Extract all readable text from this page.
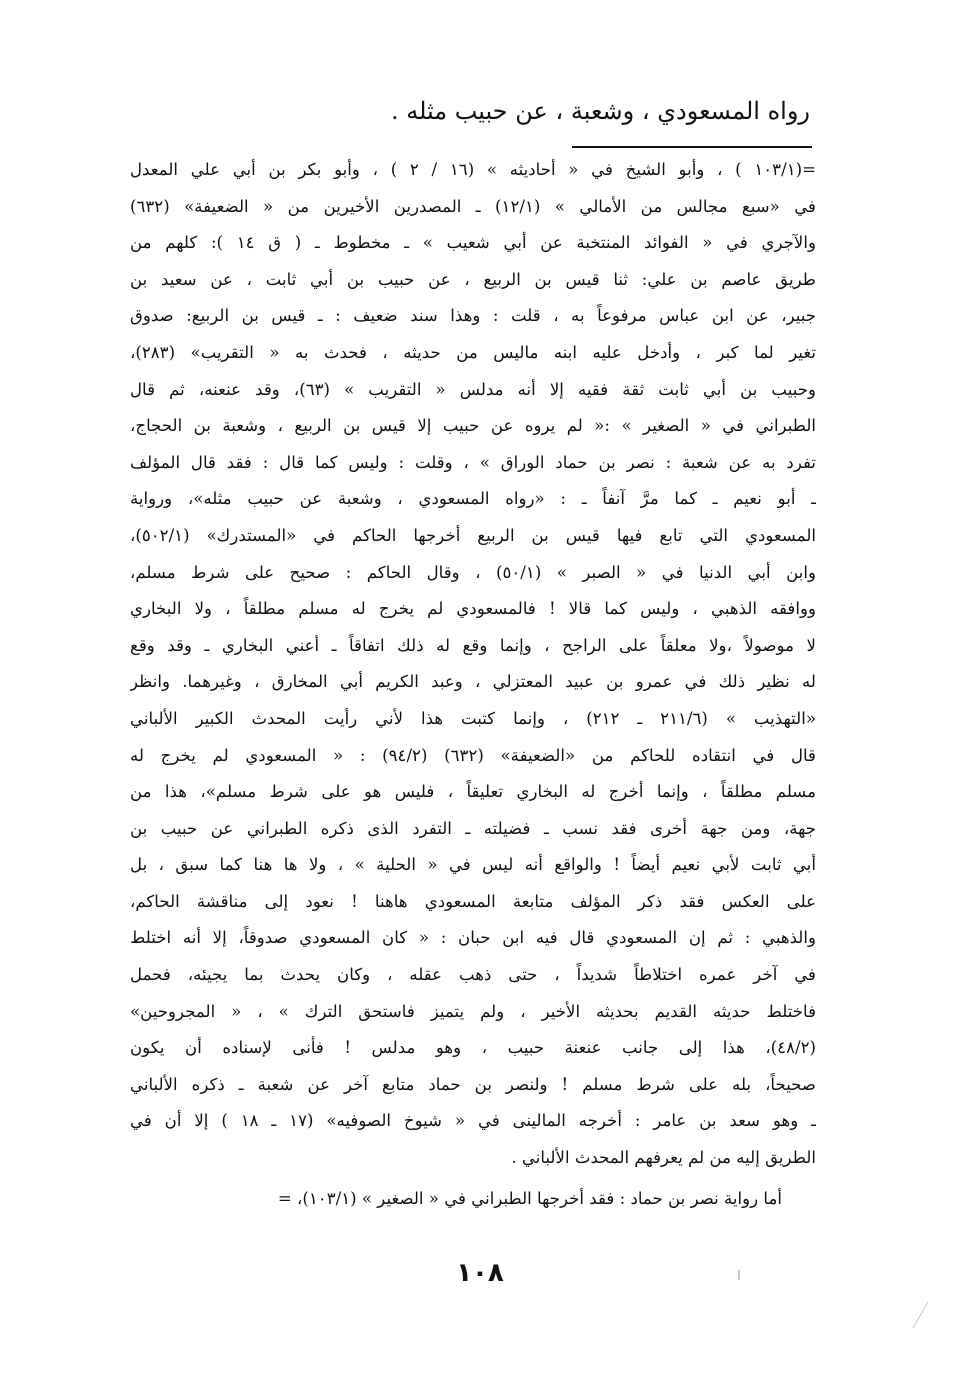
رواه المسعودي ، وشعبة ، عن حبيب مثله .
=(١٠٣/١ ) ، وأبو الشيخ في « أحاديثه » (١٦ / ٢ ) ، وأبو بكر بن أبي علي المعدل
في «سبع مجالس من الأمالي » (١٢/١) ـ المصدرين الأخيرين من « الضعيفة» (٦٣٢)
والآجري في « الفوائد المنتخبة عن أبي شعيب » ـ مخطوط ـ ( ق ١٤ ): كلهم من
طريق عاصم بن علي: ثنا قيس بن الربيع ، عن حبيب بن أبي ثابت ، عن سعيد بن
جبير، عن ابن عباس مرفوعاً به ، قلت : وهذا سند ضعيف : ـ قيس بن الربيع: صدوق
تغير لما كبر ، وأدخل عليه ابنه ماليس من حديثه ، فحدث به « التقريب» (٢٨٣)،
وحبيب بن أبي ثابت ثقة فقيه إلا أنه مدلس « التقريب » (٦٣)، وقد عنعنه، ثم قال
الطبراني في « الصغير » :« لم يروه عن حبيب إلا قيس بن الربيع ، وشعبة بن الحجاج،
تفرد به عن شعبة : نصر بن حماد الوراق » ، وقلت : وليس كما قال : فقد قال المؤلف
ـ أبو نعيم ـ كما مرَّ آنفاً ـ : «رواه المسعودي ، وشعبة عن حبيب مثله»، ورواية
المسعودي التي تابع فيها قيس بن الربيع أخرجها الحاكم في «المستدرك» (٥٠٢/١)،
وابن أبي الدنيا في « الصبر » (٥٠/١) ، وقال الحاكم : صحيح على شرط مسلم،
ووافقه الذهبي ، وليس كما قالا ! فالمسعودي لم يخرج له مسلم مطلقاً ، ولا البخاري
لا موصولاً ،ولا معلقاً على الراجح ، وإنما وقع له ذلك اتفاقاً ـ أعني البخاري ـ وقد وقع
له نظير ذلك في عمرو بن عبيد المعتزلي ، وعبد الكريم أبي المخارق ، وغيرهما. وانظر
«التهذيب » (٢١١/٦ ـ ٢١٢) ، وإنما كتبت هذا لأني رأيت المحدث الكبير الألباني
قال في انتقاده للحاكم من «الضعيفة» (٦٣٢) (٩٤/٢) : « المسعودي لم يخرج له
مسلم مطلقاً ، وإنما أخرج له البخاري تعليقاً ، فليس هو على شرط مسلم»، هذا من
جهة، ومن جهة أخرى فقد نسب ـ فضيلته ـ التفرد الذى ذكره الطبراني عن حبيب بن
أبي ثابت لأبي نعيم أيضاً ! والواقع أنه ليس في « الحلية » ، ولا ها هنا كما سبق ، بل
على العكس فقد ذكر المؤلف متابعة المسعودي هاهنا ! نعود إلى مناقشة الحاكم،
والذهبي : ثم إن المسعودي قال فيه ابن حبان : « كان المسعودي صدوقاً، إلا أنه اختلط
في آخر عمره اختلاطاً شديداً ، حتى ذهب عقله ، وكان يحدث بما يجيئه، فحمل
فاختلط حديثه القديم بحديثه الأخير ، ولم يتميز فاستحق الترك » ، « المجروحين»
(٤٨/٢)، هذا إلى جانب عنعنة حبيب ، وهو مدلس ! فأنى لإسناده أن يكون
صحيحاً، بله على شرط مسلم ! ولنصر بن حماد متابع آخر عن شعبة ـ ذكره الألباني
ـ وهو سعد بن عامر : أخرجه المالينى في « شيوخ الصوفيه» (١٧ ـ ١٨ ) إلا أن في
الطريق إليه من لم يعرفهم المحدث الألباني .
أما رواية نصر بن حماد : فقد أخرجها الطبراني في « الصغير » (١٠٣/١)، =
١٠٨
